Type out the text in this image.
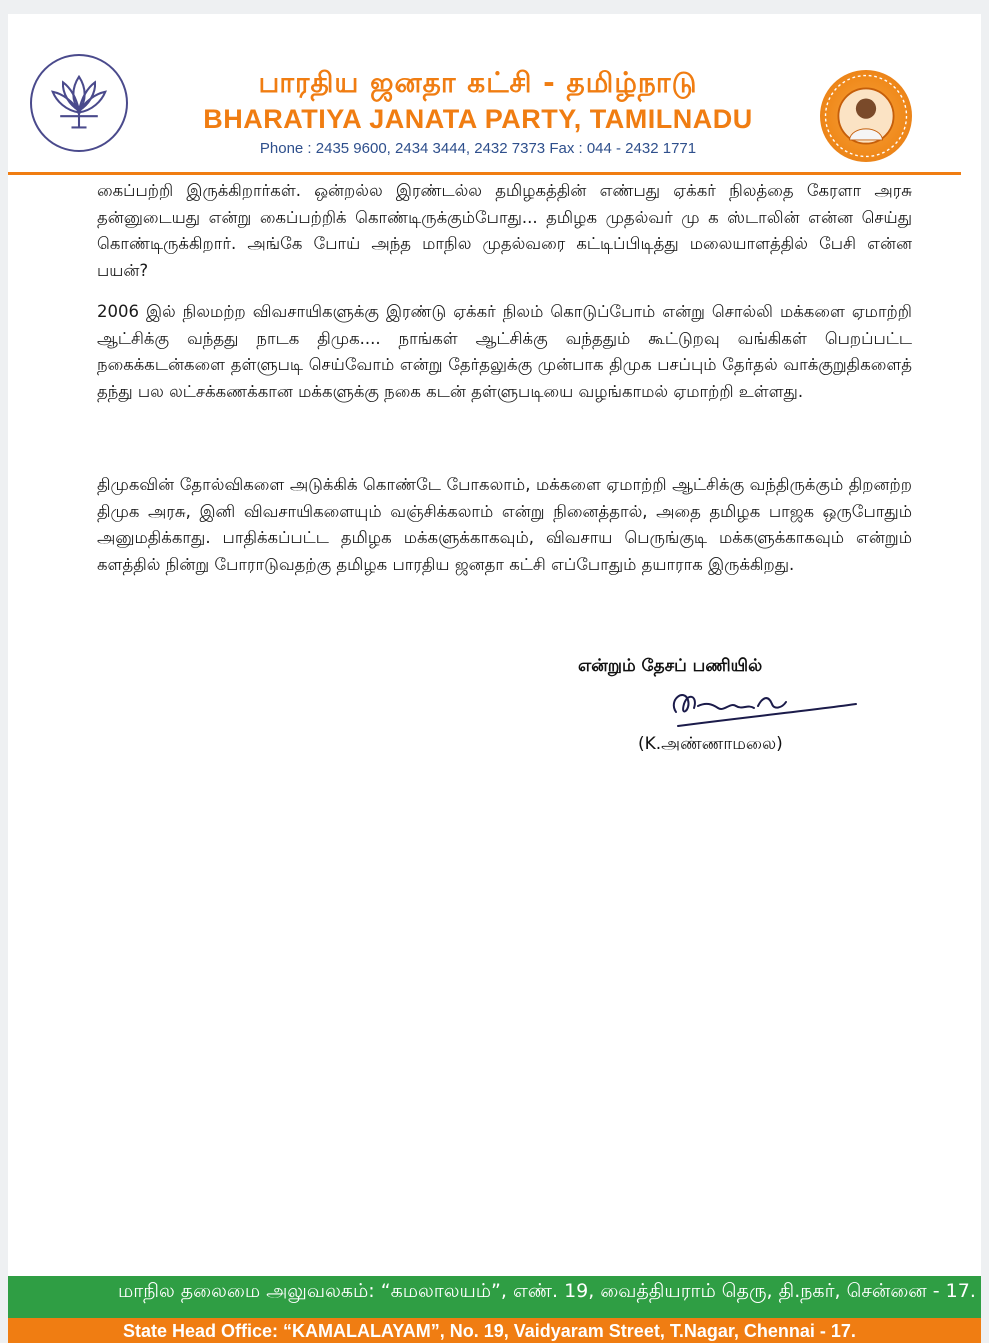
பாரதிய ஜனதா கட்சி - தமிழ்நாடு
BHARATIYA JANATA PARTY, TAMILNADU
Phone : 2435 9600, 2434 3444, 2432 7373 Fax : 044 - 2432 1771
கைப்பற்றி இருக்கிறார்கள். ஒன்றல்ல இரண்டல்ல தமிழகத்தின் எண்பது ஏக்கர் நிலத்தை கேரளா அரசு தன்னுடையது என்று கைப்பற்றிக் கொண்டிருக்கும்போது... தமிழக முதல்வர் மு க ஸ்டாலின் என்ன செய்து கொண்டிருக்கிறார். அங்கே போய் அந்த மாநில முதல்வரை கட்டிப்பிடித்து மலையாளத்தில் பேசி என்ன பயன்?
2006 இல் நிலமற்ற விவசாயிகளுக்கு இரண்டு ஏக்கர் நிலம் கொடுப்போம் என்று சொல்லி மக்களை ஏமாற்றி ஆட்சிக்கு வந்தது நாடக திமுக.... நாங்கள் ஆட்சிக்கு வந்ததும் கூட்டுறவு வங்கிகள் பெறப்பட்ட நகைக்கடன்களை தள்ளுபடி செய்வோம் என்று தேர்தலுக்கு முன்பாக திமுக பசப்பும் தேர்தல் வாக்குறுதிகளைத் தந்து பல லட்சக்கணக்கான மக்களுக்கு நகை கடன் தள்ளுபடியை வழங்காமல் ஏமாற்றி உள்ளது.
திமுகவின் தோல்விகளை அடுக்கிக் கொண்டே போகலாம், மக்களை ஏமாற்றி ஆட்சிக்கு வந்திருக்கும் திறனற்ற திமுக அரசு, இனி விவசாயிகளையும் வஞ்சிக்கலாம் என்று நினைத்தால், அதை தமிழக பாஜக ஒருபோதும் அனுமதிக்காது. பாதிக்கப்பட்ட தமிழக மக்களுக்காகவும், விவசாய பெருங்குடி மக்களுக்காகவும் என்றும் களத்தில் நின்று போராடுவதற்கு தமிழக பாரதிய ஜனதா கட்சி எப்போதும் தயாராக இருக்கிறது.
என்றும் தேசப் பணியில்
(K.அண்ணாமலை)
மாநில தலைமை அலுவலகம்: “கமலாலயம்”, எண். 19, வைத்தியராம் தெரு, தி.நகர், சென்னை - 17.
State Head Office: “KAMALALAYAM”, No. 19, Vaidyaram Street, T.Nagar, Chennai - 17.
